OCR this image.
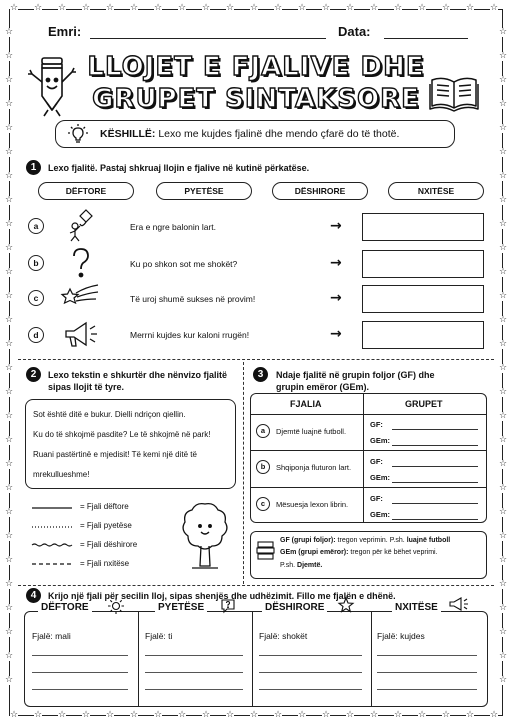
☆
☆
☆
☆
☆
☆
☆
☆
☆
☆
☆
☆
☆
☆
☆
☆
☆
☆
☆
☆
☆
☆
☆
☆
☆
☆
☆
☆
☆
☆
☆
☆
☆
☆
☆
☆
☆
☆
☆
☆
☆
☆
☆	☆
☆	☆
☆	☆
☆	☆
☆	☆
☆	☆
☆	☆
☆	☆
☆	☆
☆	☆
☆	☆
☆	☆
☆	☆
☆	☆
☆	☆
☆	☆
☆	☆
☆	☆
☆	☆
☆	☆
☆	☆
☆	☆
☆	☆
☆	☆
☆	☆
☆	☆
☆	☆
☆	☆
Emri:	Data:
LLOJET E FJALIVE DHE
GRUPET SINTAKSORE
KËSHILLË: Lexo me kujdes fjalinë dhe mendo çfarë do të thotë.
1	Lexo fjalitë. Pastaj shkruaj llojin e fjalive në kutinë përkatëse.
DËFTORE	PYETËSE	DËSHIRORE	NXITËSE
a	Era e ngre balonin lart.	→
b	Ku po shkon sot me shokët?	→
c	Të uroj shumë sukses në provim!	→
d	Merrni kujdes kur kaloni rrugën!	→
2	Lexo tekstin e shkurtër dhe nënvizo fjalitë
sipas llojit të tyre.
Sot është ditë e bukur. Dielli ndriçon qiellin.
Ku do të shkojmë pasdite? Le të shkojmë në park!
Ruani pastërtinë e mjedisit! Të kemi një ditë të
mrekullueshme!
= Fjali dëftore
= Fjali pyetëse
= Fjali dëshirore
= Fjali nxitëse
3	Ndaje fjalitë në grupin foljor (GF) dhe
grupin emëror (GEm).
FJALIA	GRUPET
a	Djemtë luajnë futboll.
GF:
GEm:
b	Shqiponja fluturon lart.
GF:
GEm:
c	Mësuesja lexon librin.
GF:
GEm:
GF (grupi foljor): tregon veprimin. P.sh. luajnë futboll
GEm (grupi emëror): tregon për kë bëhet veprimi.
P.sh. Djemtë.
4	Krijo një fjali për secilin lloj, sipas shenjës dhe udhëzimit. Fillo me fjalën e dhënë.
DËFTORE	PYETËSE	DËSHIRORE	NXITËSE
Fjalë: mali	Fjalë: ti	Fjalë: shokët	Fjalë: kujdes
